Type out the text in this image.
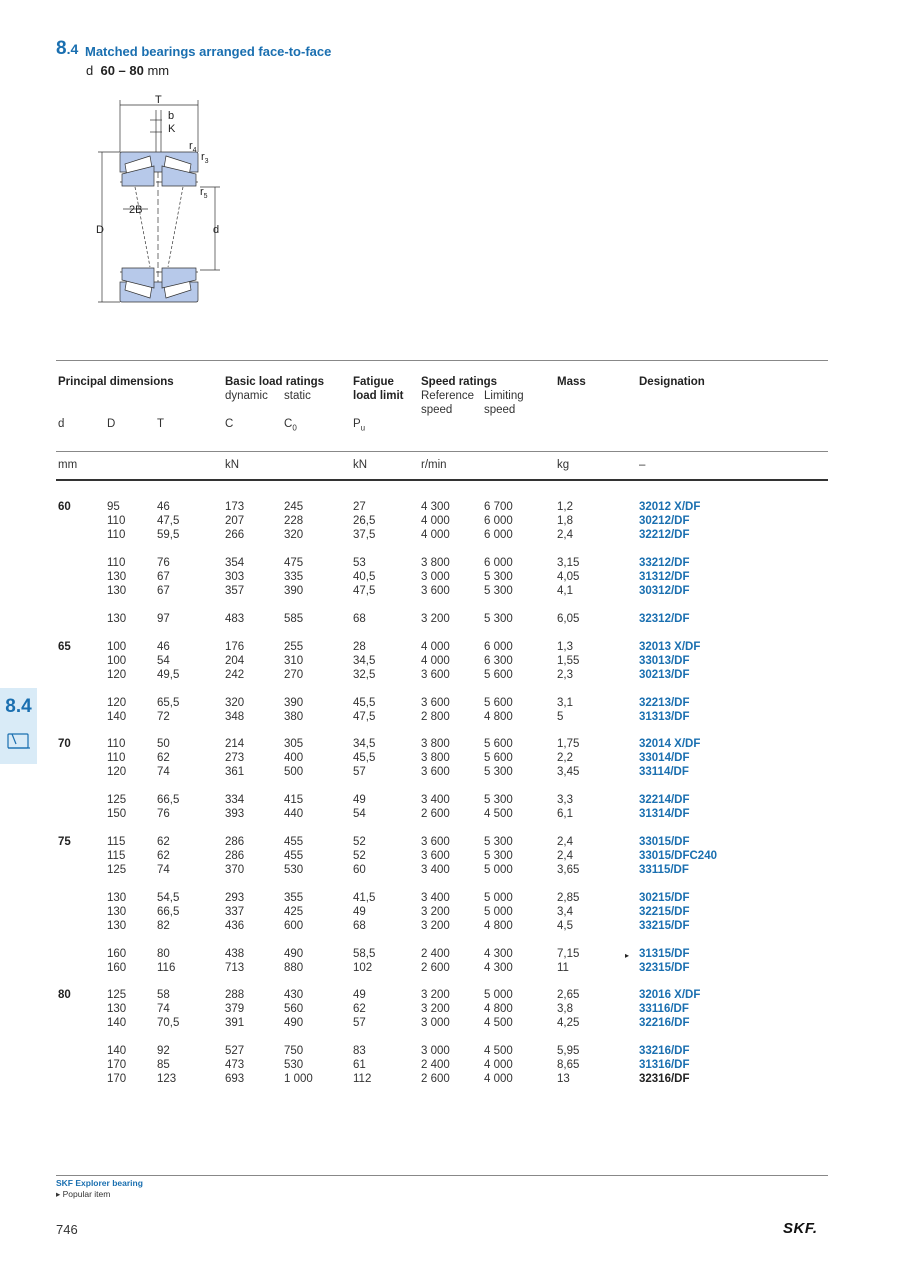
8.4 Matched bearings arranged face-to-face
d 60 – 80 mm
T
b
K
$r_4$
$r_3$
$r_5$
2B
D	d
8.4
Principal dimensions	Basic load ratings
dynamic static
Fatigue
load limit
Speed ratings
Reference
speed
Limiting
speed
Mass	Designation
d	D	T	C	$C_0$	$P_u$
mm	kN	kN	r/min	kg	–
60	95	46	173	245	27	4 300	6 700	1,2	32012 X/DF
110	47,5	207	228	26,5	4 000	6 000	1,8	30212/DF
110	59,5	266	320	37,5	4 000	6 000	2,4	32212/DF
110	76	354	475	53	3 800	6 000	3,15	33212/DF
130	67	303	335	40,5	3 000	5 300	4,05	31312/DF
130	67	357	390	47,5	3 600	5 300	4,1	30312/DF
130	97	483	585	68	3 200	5 300	6,05	32312/DF
65	100	46	176	255	28	4 000	6 000	1,3	32013 X/DF
100	54	204	310	34,5	4 000	6 300	1,55	33013/DF
120	49,5	242	270	32,5	3 600	5 600	2,3	30213/DF
120	65,5	320	390	45,5	3 600	5 600	3,1	32213/DF
140	72	348	380	47,5	2 800	4 800	5	31313/DF
70	110	50	214	305	34,5	3 800	5 600	1,75	32014 X/DF
110	62	273	400	45,5	3 800	5 600	2,2	33014/DF
120	74	361	500	57	3 600	5 300	3,45	33114/DF
125	66,5	334	415	49	3 400	5 300	3,3	32214/DF
150	76	393	440	54	2 600	4 500	6,1	31314/DF
75	115	62	286	455	52	3 600	5 300	2,4	33015/DF
115	62	286	455	52	3 600	5 300	2,4	33015/DFC240
125	74	370	530	60	3 400	5 000	3,65	33115/DF
130	54,5	293	355	41,5	3 400	5 000	2,85	30215/DF
130	66,5	337	425	49	3 200	5 000	3,4	32215/DF
130	82	436	600	68	3 200	4 800	4,5	33215/DF
160	80	438	490	58,5	2 400	4 300	7,15	31315/DF
▸
160	116	713	880	102	2 600	4 300	11	32315/DF
80	125	58	288	430	49	3 200	5 000	2,65	32016 X/DF
130	74	379	560	62	3 200	4 800	3,8	33116/DF
140	70,5	391	490	57	3 000	4 500	4,25	32216/DF
140	92	527	750	83	3 000	4 500	5,95	33216/DF
170	85	473	530	61	2 400	4 000	8,65	31316/DF
170	123	693	1 000	112	2 600	4 000	13	32316/DF
SKF Explorer bearing
▸ Popular item
746	SKF.
